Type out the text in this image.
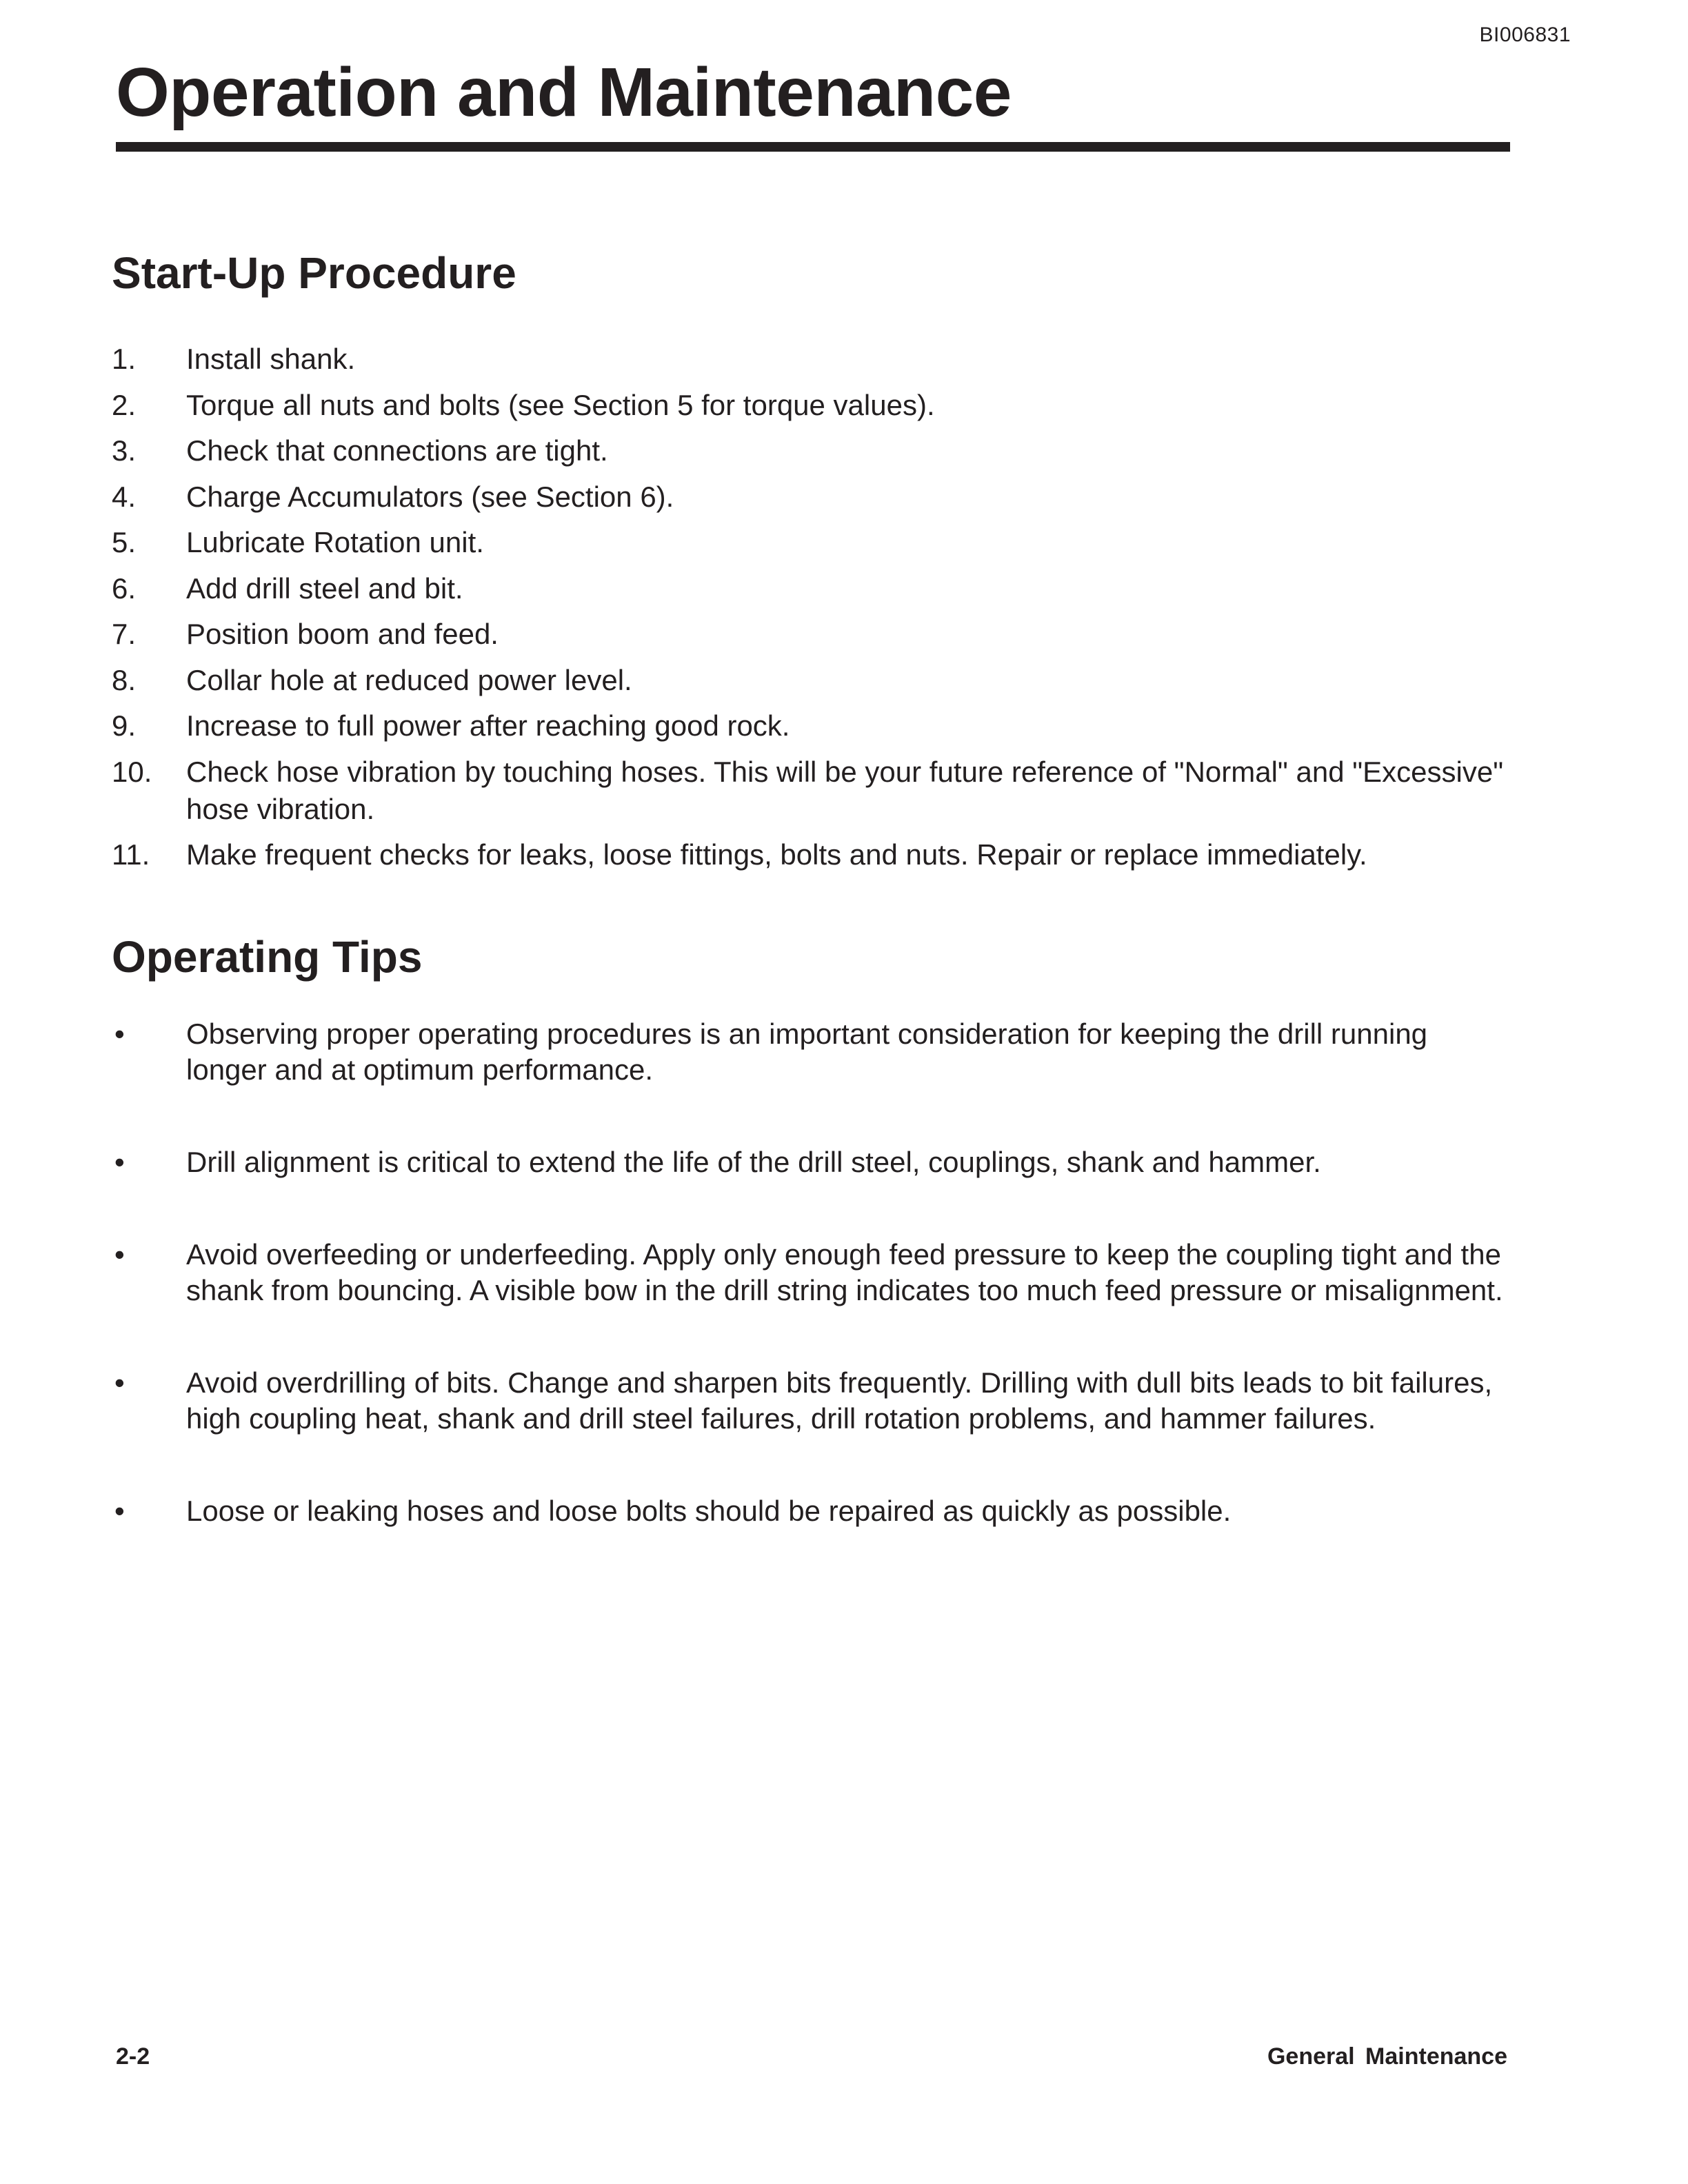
BI006831
Operation and Maintenance
Start-Up Procedure
1.	Install shank.
2.	Torque all nuts and bolts (see Section 5 for torque values).
3.	Check that connections are tight.
4.	Charge Accumulators (see Section 6).
5.	Lubricate Rotation unit.
6.	Add drill steel and bit.
7.	Position boom and feed.
8.	Collar hole at reduced power level.
9.	Increase to full power after reaching good rock.
10.	Check hose vibration by touching hoses. This will be your future reference of "Normal" and "Excessive" hose vibration.
11.	Make frequent checks for leaks, loose fittings, bolts and nuts. Repair or replace immediately.
Operating Tips
•	Observing proper operating procedures is an important consideration for keeping the drill running longer and at optimum performance.
•	Drill alignment is critical to extend the life of the drill steel, couplings, shank and hammer.
•	Avoid overfeeding or underfeeding. Apply only enough feed pressure to keep the coupling tight and the shank from bouncing. A visible bow in the drill string indicates too much feed pressure or misalignment.
•	Avoid overdrilling of bits. Change and sharpen bits frequently. Drilling with dull bits leads to bit failures, high coupling heat, shank and drill steel failures, drill rotation problems, and hammer failures.
•	Loose or leaking hoses and loose bolts should be repaired as quickly as possible.
2-2	General Maintenance
